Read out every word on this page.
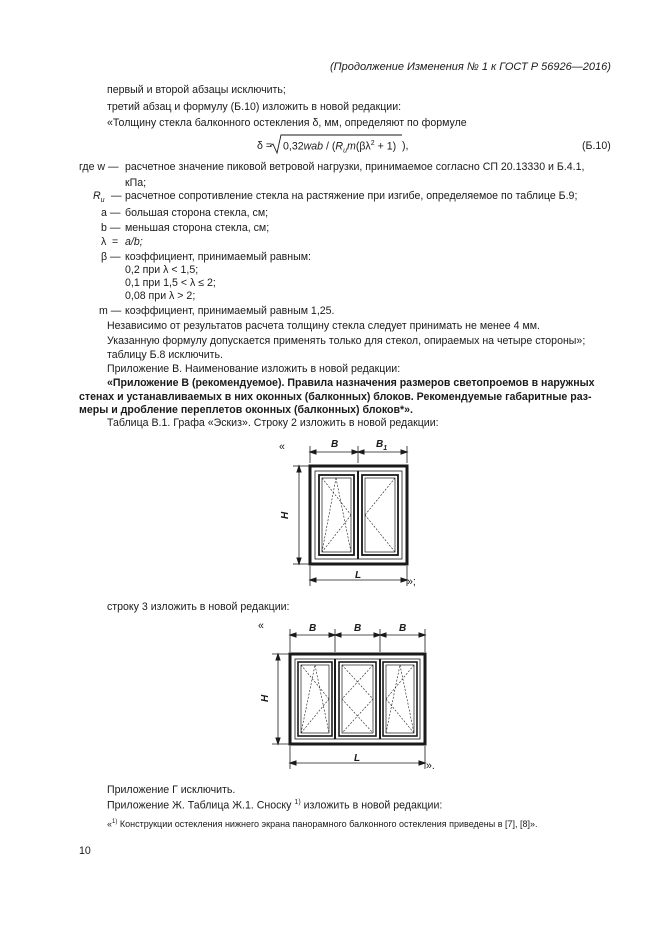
(Продолжение Изменения № 1 к ГОСТ Р 56926—2016)
первый и второй абзацы исключить;
третий абзац и формулу (Б.10) изложить в новой редакции:
«Толщину стекла балконного остекления δ, мм, определяют по формуле
$\delta = 0,32wab / (R_иm(\beta\lambda^2 + 1)$ ),	(Б.10)
где w — расчетное значение пиковой ветровой нагрузки, принимаемое согласно СП 20.13330 и Б.4.1,
кПа;
$R_и$ — расчетное сопротивление стекла на растяжение при изгибе, определяемое по таблице Б.9;
a — большая сторона стекла, см;
b — меньшая сторона стекла, см;
λ = a/b;
β — коэффициент, принимаемый равным:
0,2 при λ < 1,5;
0,1 при 1,5 < λ ≤ 2;
0,08 при λ > 2;
m — коэффициент, принимаемый равным 1,25.
Независимо от результатов расчета толщину стекла следует принимать не менее 4 мм.
Указанную формулу допускается применять только для стекол, опираемых на четыре стороны»;
таблицу Б.8 исключить.
Приложение В. Наименование изложить в новой редакции:
«Приложение В (рекомендуемое). Правила назначения размеров светопроемов в наружных
стенах и устанавливаемых в них оконных (балконных) блоков. Рекомендуемые габаритные раз-
меры и дробление переплетов оконных (балконных) блоков*».
Таблица В.1. Графа «Эскиз». Строку 2 изложить в новой редакции:
«	B	$B_1$
H
L
»;
строку 3 изложить в новой редакции:
«	B	B	B
H
L
».
Приложение Г исключить.
Приложение Ж. Таблица Ж.1. Сноску $^{1)}$ изложить в новой редакции:
«$^{1)}$ Конструкции остекления нижнего экрана панорамного балконного остекления приведены в [7], [8]».
10
